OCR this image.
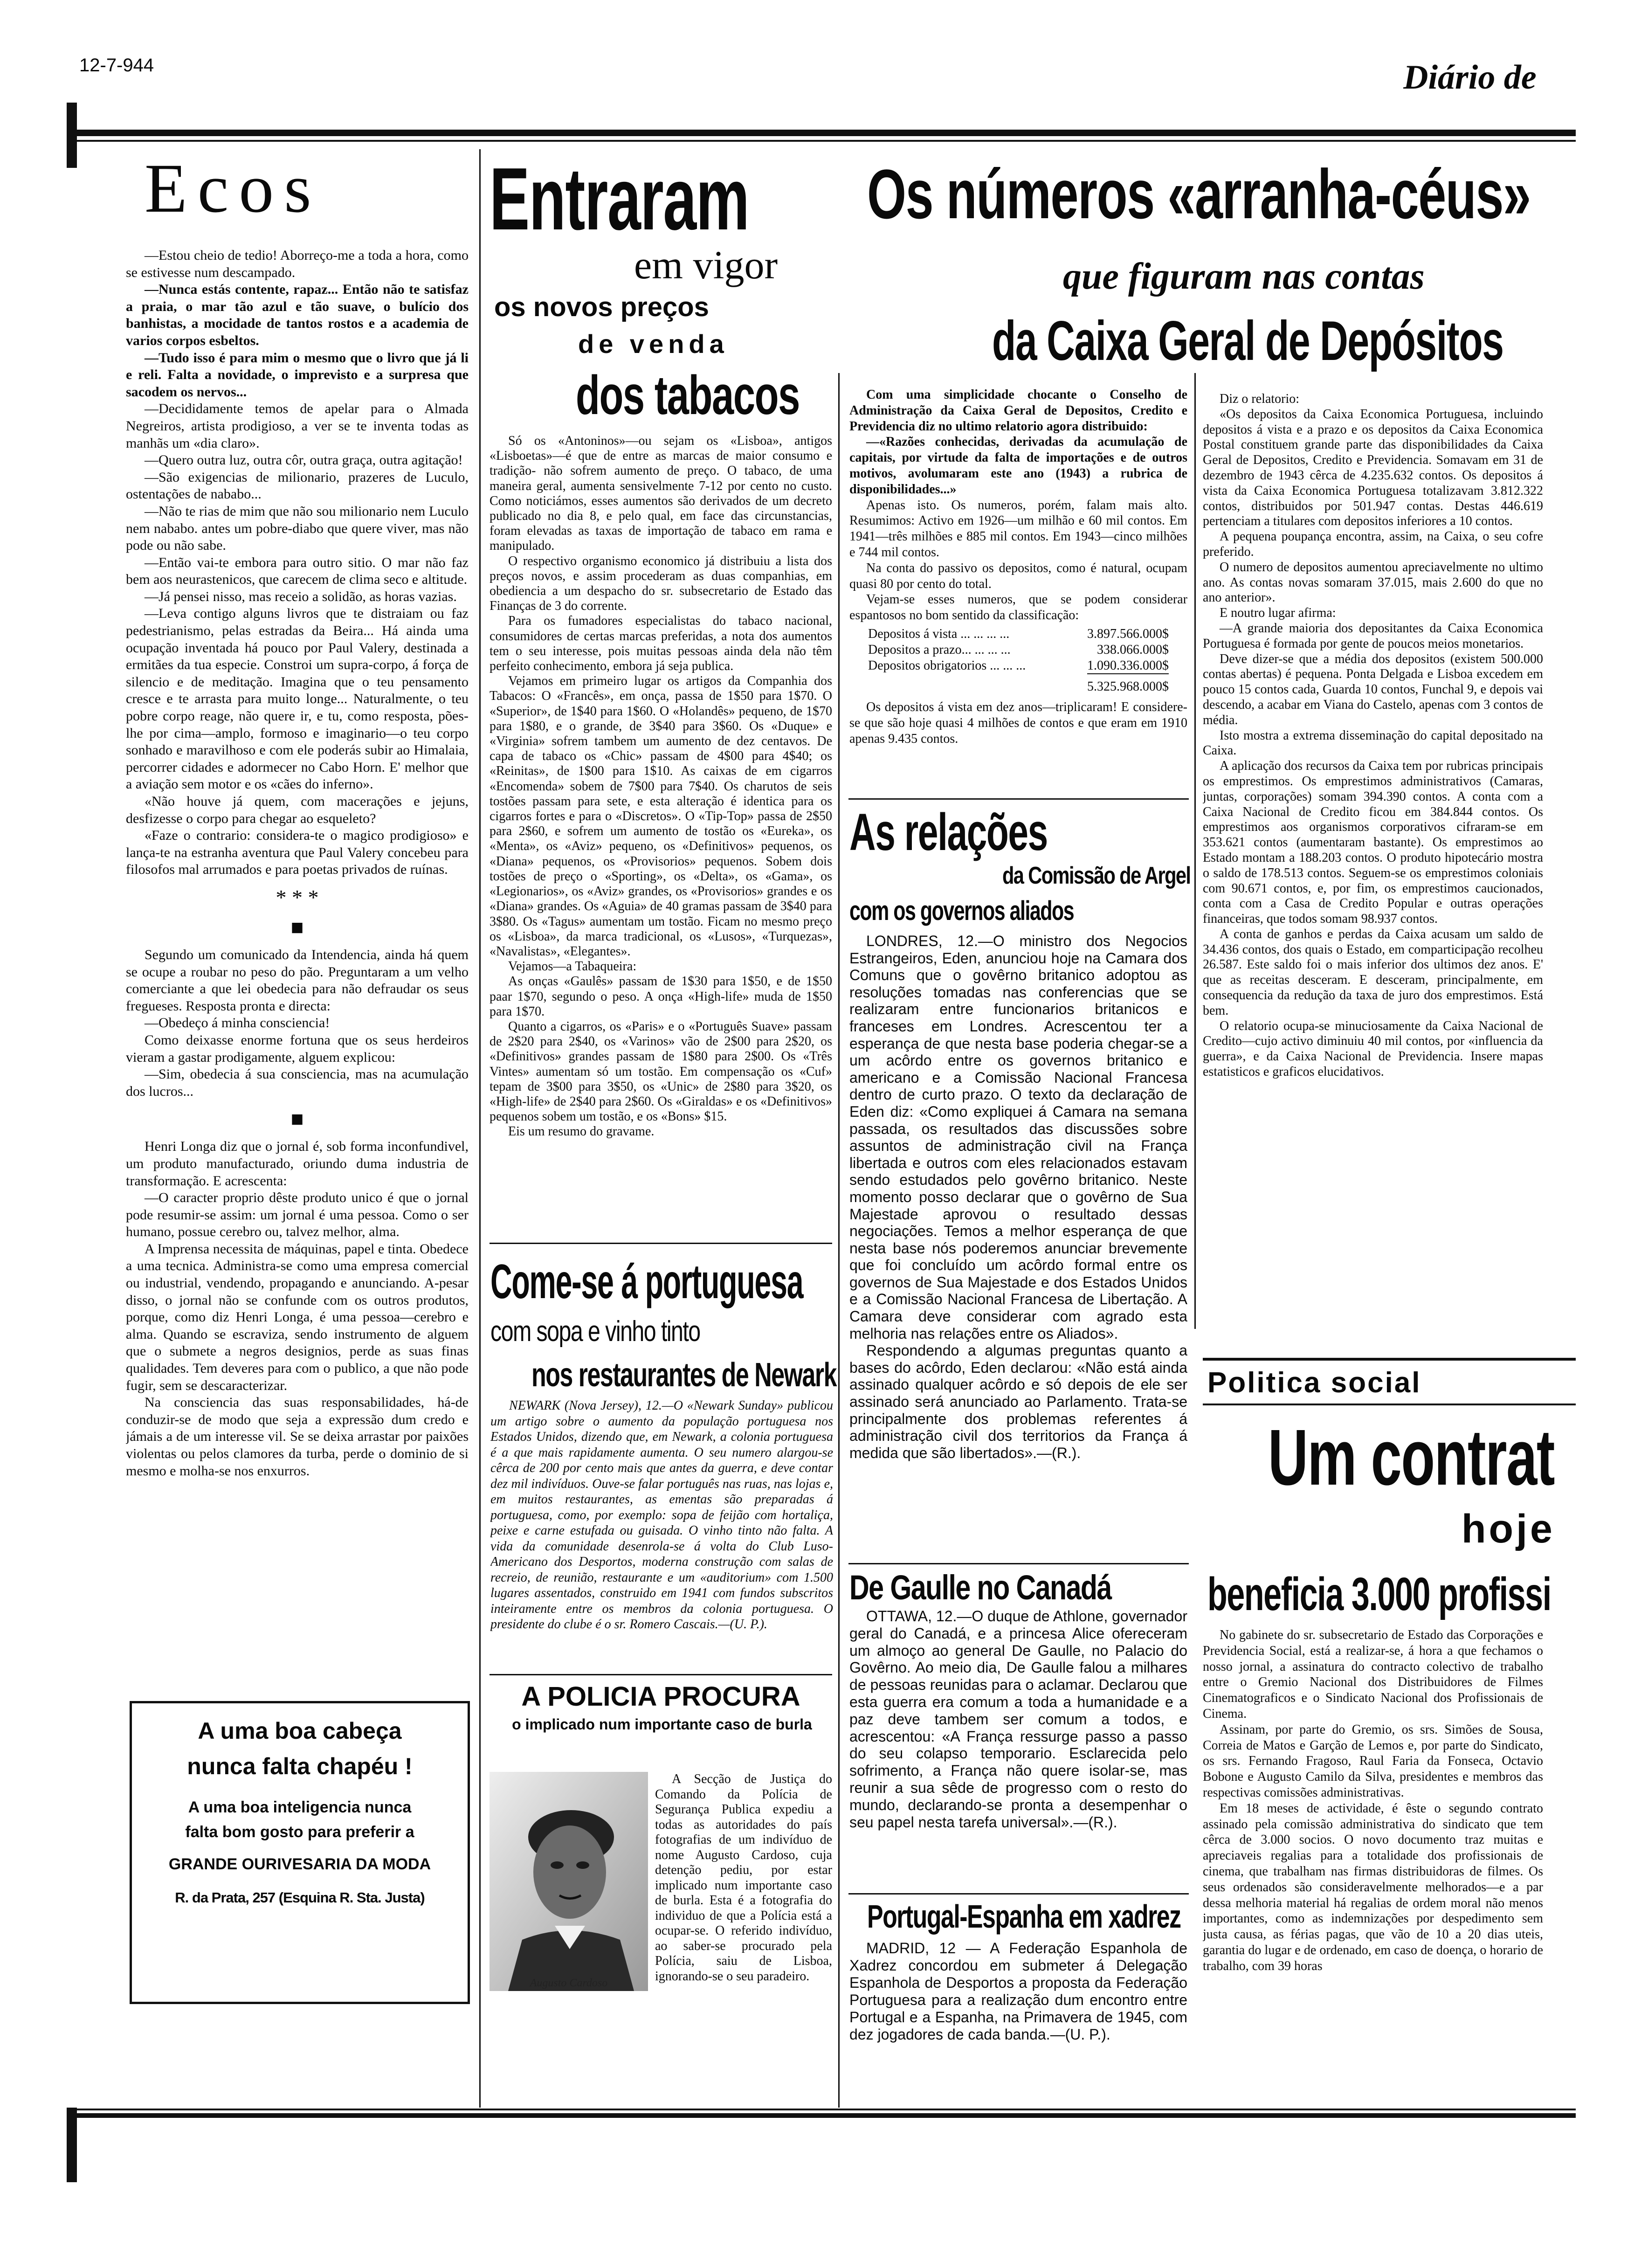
12-7-944	Diário de
Ecos

—Estou cheio de tedio! Aborreço-me a toda a hora, como se estivesse num descampado.

—Nunca estás contente, rapaz... Então não te satisfaz a praia, o mar tão azul e tão suave, o bulício dos banhistas, a mocidade de tantos rostos e a academia de varios corpos esbeltos.

—Tudo isso é para mim o mesmo que o livro que já li e reli. Falta a novidade, o imprevisto e a surpresa que sacodem os nervos...

—Decididamente temos de apelar para o Almada Negreiros, artista prodigioso, a ver se te inventa todas as manhãs um «dia claro».

—Quero outra luz, outra côr, outra graça, outra agitação!

—São exigencias de milionario, prazeres de Luculo, ostentações de nababo...

—Não te rias de mim que não sou milionario nem Luculo nem nababo. antes um pobre-diabo que quere viver, mas não pode ou não sabe.

—Então vai-te embora para outro sitio. O mar não faz bem aos neurastenicos, que carecem de clima seco e altitude.

—Já pensei nisso, mas receio a solidão, as horas vazias.

—Leva contigo alguns livros que te distraiam ou faz pedestrianismo, pelas estradas da Beira... Há ainda uma ocupação inventada há pouco por Paul Valery, destinada a ermitães da tua especie. Constroi um supra-corpo, á força de silencio e de meditação. Imagina que o teu pensamento cresce e te arrasta para muito longe... Naturalmente, o teu pobre corpo reage, não quere ir, e tu, como resposta, pões-lhe por cima—amplo, formoso e imaginario—o teu corpo sonhado e maravilhoso e com ele poderás subir ao Himalaia, percorrer cidades e adormecer no Cabo Horn. E' melhor que a aviação sem motor e os «cães do inferno».

«Não houve já quem, com macerações e jejuns, desfizesse o corpo para chegar ao esqueleto?

«Faze o contrario: considera-te o magico prodigioso» e lança-te na estranha aventura que Paul Valery concebeu para filosofos mal arrumados e para poetas privados de ruínas.

* * *
■

Segundo um comunicado da Intendencia, ainda há quem se ocupe a roubar no peso do pão. Preguntaram a um velho comerciante a que lei obedecia para não defraudar os seus fregueses. Resposta pronta e directa:

—Obedeço á minha consciencia!

Como deixasse enorme fortuna que os seus herdeiros vieram a gastar prodigamente, alguem explicou:

—Sim, obedecia á sua consciencia, mas na acumulação dos lucros...

■

Henri Longa diz que o jornal é, sob forma inconfundivel, um produto manufacturado, oriundo duma industria de transformação. E acrescenta:

—O caracter proprio dêste produto unico é que o jornal pode resumir-se assim: um jornal é uma pessoa. Como o ser humano, possue cerebro ou, talvez melhor, alma.

A Imprensa necessita de máquinas, papel e tinta. Obedece a uma tecnica. Administra-se como uma empresa comercial ou industrial, vendendo, propagando e anunciando. A-pesar disso, o jornal não se confunde com os outros produtos, porque, como diz Henri Longa, é uma pessoa—cerebro e alma. Quando se escraviza, sendo instrumento de alguem que o submete a negros designios, perde as suas finas qualidades. Tem deveres para com o publico, a que não pode fugir, sem se descaracterizar.

Na consciencia das suas responsabilidades, há-de conduzir-se de modo que seja a expressão dum credo e jámais a de um interesse vil. Se se deixa arrastar por paixões violentas ou pelos clamores da turba, perde o dominio de si mesmo e molha-se nos enxurros.

A uma boa cabeça
nunca falta chapéu !
A uma boa inteligencia nunca
falta bom gosto para preferir a
GRANDE OURIVESARIA DA MODA
R. da Prata, 257 (Esquina R. Sta. Justa)
Entraram
em vigor
os novos preços
de venda
dos tabacos

Só os «Antoninos»—ou sejam os «Lisboa», antigos «Lisboetas»—é que de entre as marcas de maior consumo e tradição- não sofrem aumento de preço. O tabaco, de uma maneira geral, aumenta sensivelmente 7-12 por cento no custo. Como noticiámos, esses aumentos são derivados de um decreto publicado no dia 8, e pelo qual, em face das circunstancias, foram elevadas as taxas de importação de tabaco em rama e manipulado.

O respectivo organismo economico já distribuiu a lista dos preços novos, e assim procederam as duas companhias, em obediencia a um despacho do sr. subsecretario de Estado das Finanças de 3 do corrente.

Para os fumadores especialistas do tabaco nacional, consumidores de certas marcas preferidas, a nota dos aumentos tem o seu interesse, pois muitas pessoas ainda dela não têm perfeito conhecimento, embora já seja publica.

Vejamos em primeiro lugar os artigos da Companhia dos Tabacos: O «Francês», em onça, passa de 1$50 para 1$70. O «Superior», de 1$40 para 1$60. O «Holandês» pequeno, de 1$70 para 1$80, e o grande, de 3$40 para 3$60. Os «Duque» e «Virginia» sofrem tambem um aumento de dez centavos. De capa de tabaco os «Chic» passam de 4$00 para 4$40; os «Reinitas», de 1$00 para 1$10. As caixas de em cigarros «Encomenda» sobem de 7$00 para 7$40. Os charutos de seis tostões passam para sete, e esta alteração é identica para os cigarros fortes e para o «Discretos». O «Tip-Top» passa de 2$50 para 2$60, e sofrem um aumento de tostão os «Eureka», os «Menta», os «Aviz» pequeno, os «Definitivos» pequenos, os «Diana» pequenos, os «Provisorios» pequenos. Sobem dois tostões de preço o «Sporting», os «Delta», os «Gama», os «Legionarios», os «Aviz» grandes, os «Provisorios» grandes e os «Diana» grandes. Os «Aguia» de 40 gramas passam de 3$40 para 3$80. Os «Tagus» aumentam um tostão. Ficam no mesmo preço os «Lisboa», da marca tradicional, os «Lusos», «Turquezas», «Navalistas», «Elegantes».

Vejamos—a Tabaqueira:

As onças «Gaulês» passam de 1$30 para 1$50, e de 1$50 paar 1$70, segundo o peso. A onça «High-life» muda de 1$50 para 1$70.

Quanto a cigarros, os «Paris» e o «Português Suave» passam de 2$20 para 2$40, os «Varinos» vão de 2$00 para 2$20, os «Definitivos» grandes passam de 1$80 para 2$00. Os «Três Vintes» aumentam só um tostão. Em compensação os «Cuf» tepam de 3$00 para 3$50, os «Unic» de 2$80 para 3$20, os «High-life» de 2$40 para 2$60. Os «Giraldas» e os «Definitivos» pequenos sobem um tostão, e os «Bons» $15.

Eis um resumo do gravame.

Come-se á portuguesa
com sopa e vinho tinto
nos restaurantes de Newark
NEWARK (Nova Jersey), 12.—O «Newark Sunday» publicou um artigo sobre o aumento da população portuguesa nos Estados Unidos, dizendo que, em Newark, a colonia portuguesa é a que mais rapidamente aumenta. O seu numero alargou-se cêrca de 200 por cento mais que antes da guerra, e deve contar dez mil indivíduos. Ouve-se falar português nas ruas, nas lojas e, em muitos restaurantes, as ementas são preparadas á portuguesa, como, por exemplo: sopa de feijão com hortaliça, peixe e carne estufada ou guisada. O vinho tinto não falta. A vida da comunidade desenrola-se á volta do Club Luso-Americano dos Desportos, moderna construção com salas de recreio, de reunião, restaurante e um «auditorium» com 1.500 lugares assentados, construido em 1941 com fundos subscritos inteiramente entre os membros da colonia portuguesa. O presidente do clube é o sr. Romero Cascais.—(U. P.).
A POLICIA PROCURA
o implicado num importante caso de burla
Augusto Cardoso
A Secção de Justiça do Comando da Polícia de Segurança Publica expediu a todas as autoridades do país fotografias de um indivíduo de nome Augusto Cardoso, cuja detenção pediu, por estar implicado num importante caso de burla. Esta é a fotografia do individuo de que a Polícia está a ocupar-se. O referido indivíduo, ao saber-se procurado pela Polícia, saiu de Lisboa, ignorando-se o seu paradeiro.
Os números «arranha-céus»
que figuram nas contas
da Caixa Geral de Depósitos

Com uma simplicidade chocante o Conselho de Administração da Caixa Geral de Depositos, Credito e Previdencia diz no ultimo relatorio agora distribuido:

—«Razões conhecidas, derivadas da acumulação de capitais, por virtude da falta de importações e de outros motivos, avolumaram este ano (1943) a rubrica de disponibilidades...»

Apenas isto. Os numeros, porém, falam mais alto. Resumimos: Activo em 1926—um milhão e 60 mil contos. Em 1941—três milhões e 885 mil contos. Em 1943—cinco milhões e 744 mil contos.

Na conta do passivo os depositos, como é natural, ocupam quasi 80 por cento do total.

Vejam-se esses numeros, que se podem considerar espantosos no bom sentido da classificação:

Depositos á vista ... ... ... ...	3.897.566.000$
Depositos a prazo... ... ... ...	338.066.000$
Depositos obrigatorios ... ... ...	1.090.336.000$
5.325.968.000$

Os depositos á vista em dez anos—triplicaram! E considere-se que são hoje quasi 4 milhões de contos e que eram em 1910 apenas 9.435 contos.

Diz o relatorio:

«Os depositos da Caixa Economica Portuguesa, incluindo depositos á vista e a prazo e os depositos da Caixa Economica Postal constituem grande parte das disponibilidades da Caixa Geral de Depositos, Credito e Previdencia. Somavam em 31 de dezembro de 1943 cêrca de 4.235.632 contos. Os depositos á vista da Caixa Economica Portuguesa totalizavam 3.812.322 contos, distribuidos por 501.947 contas. Destas 446.619 pertenciam a titulares com depositos inferiores a 10 contos.

A pequena poupança encontra, assim, na Caixa, o seu cofre preferido.

O numero de depositos aumentou apreciavelmente no ultimo ano. As contas novas somaram 37.015, mais 2.600 do que no ano anterior».

E noutro lugar afirma:

—A grande maioria dos depositantes da Caixa Economica Portuguesa é formada por gente de poucos meios monetarios.

Deve dizer-se que a média dos depositos (existem 500.000 contas abertas) é pequena. Ponta Delgada e Lisboa excedem em pouco 15 contos cada, Guarda 10 contos, Funchal 9, e depois vai descendo, a acabar em Viana do Castelo, apenas com 3 contos de média.

Isto mostra a extrema disseminação do capital depositado na Caixa.

A aplicação dos recursos da Caixa tem por rubricas principais os emprestimos. Os emprestimos administrativos (Camaras, juntas, corporações) somam 394.390 contos. A conta com a Caixa Nacional de Credito ficou em 384.844 contos. Os emprestimos aos organismos corporativos cifraram-se em 353.621 contos (aumentaram bastante). Os emprestimos ao Estado montam a 188.203 contos. O produto hipotecário mostra o saldo de 178.513 contos. Seguem-se os emprestimos coloniais com 90.671 contos, e, por fim, os emprestimos caucionados, conta com a Casa de Credito Popular e outras operações financeiras, que todos somam 98.937 contos.

A conta de ganhos e perdas da Caixa acusam um saldo de 34.436 contos, dos quais o Estado, em comparticipação recolheu 26.587. Este saldo foi o mais inferior dos ultimos dez anos. E' que as receitas desceram. E desceram, principalmente, em consequencia da redução da taxa de juro dos emprestimos. Está bem.

O relatorio ocupa-se minuciosamente da Caixa Nacional de Credito—cujo activo diminuiu 40 mil contos, por «influencia da guerra», e da Caixa Nacional de Previdencia. Insere mapas estatisticos e graficos elucidativos.

As relações
da Comissão de Argel
com os governos aliados

LONDRES, 12.—O ministro dos Negocios Estrangeiros, Eden, anunciou hoje na Camara dos Comuns que o govêrno britanico adoptou as resoluções tomadas nas conferencias que se realizaram entre funcionarios britanicos e franceses em Londres. Acrescentou ter a esperança de que nesta base poderia chegar-se a um acôrdo entre os governos britanico e americano e a Comissão Nacional Francesa dentro de curto prazo. O texto da declaração de Eden diz: «Como expliquei á Camara na semana passada, os resultados das discussões sobre assuntos de administração civil na França libertada e outros com eles relacionados estavam sendo estudados pelo govêrno britanico. Neste momento posso declarar que o govêrno de Sua Majestade aprovou o resultado dessas negociações. Temos a melhor esperança de que nesta base nós poderemos anunciar brevemente que foi concluído um acôrdo formal entre os governos de Sua Majestade e dos Estados Unidos e a Comissão Nacional Francesa de Libertação. A Camara deve considerar com agrado esta melhoria nas relações entre os Aliados».

Respondendo a algumas preguntas quanto a bases do acôrdo, Eden declarou: «Não está ainda assinado qualquer acôrdo e só depois de ele ser assinado será anunciado ao Parlamento. Trata-se principalmente dos problemas referentes á administração civil dos territorios da França á medida que são libertados».—(R.).

De Gaulle no Canadá
OTTAWA, 12.—O duque de Athlone, governador geral do Canadá, e a princesa Alice ofereceram um almoço ao general De Gaulle, no Palacio do Govêrno. Ao meio dia, De Gaulle falou a milhares de pessoas reunidas para o aclamar. Declarou que esta guerra era comum a toda a humanidade e a paz deve tambem ser comum a todos, e acrescentou: «A França ressurge passo a passo do seu colapso temporario. Esclarecida pelo sofrimento, a França não quere isolar-se, mas reunir a sua sêde de progresso com o resto do mundo, declarando-se pronta a desempenhar o seu papel nesta tarefa universal».—(R.).
Portugal-Espanha em xadrez
MADRID, 12 — A Federação Espanhola de Xadrez concordou em submeter á Delegação Espanhola de Desportos a proposta da Federação Portuguesa para a realização dum encontro entre Portugal e a Espanha, na Primavera de 1945, com dez jogadores de cada banda.—(U. P.).
Politica social
Um contrat
hoje
beneficia 3.000 profissi

No gabinete do sr. subsecretario de Estado das Corporações e Previdencia Social, está a realizar-se, á hora a que fechamos o nosso jornal, a assinatura do contracto colectivo de trabalho entre o Gremio Nacional dos Distribuidores de Filmes Cinematograficos e o Sindicato Nacional dos Profissionais de Cinema.

Assinam, por parte do Gremio, os srs. Simões de Sousa, Correia de Matos e Garção de Lemos e, por parte do Sindicato, os srs. Fernando Fragoso, Raul Faria da Fonseca, Octavio Bobone e Augusto Camilo da Silva, presidentes e membros das respectivas comissões administrativas.

Em 18 meses de actividade, é êste o segundo contrato assinado pela comissão administrativa do sindicato que tem cêrca de 3.000 socios. O novo documento traz muitas e apreciaveis regalias para a totalidade dos profissionais de cinema, que trabalham nas firmas distribuidoras de filmes. Os seus ordenados são consideravelmente melhorados—e a par dessa melhoria material há regalias de ordem moral não menos importantes, como as indemnizações por despedimento sem justa causa, as férias pagas, que vão de 10 a 20 dias uteis, garantia do lugar e de ordenado, em caso de doença, o horario de trabalho, com 39 horas
